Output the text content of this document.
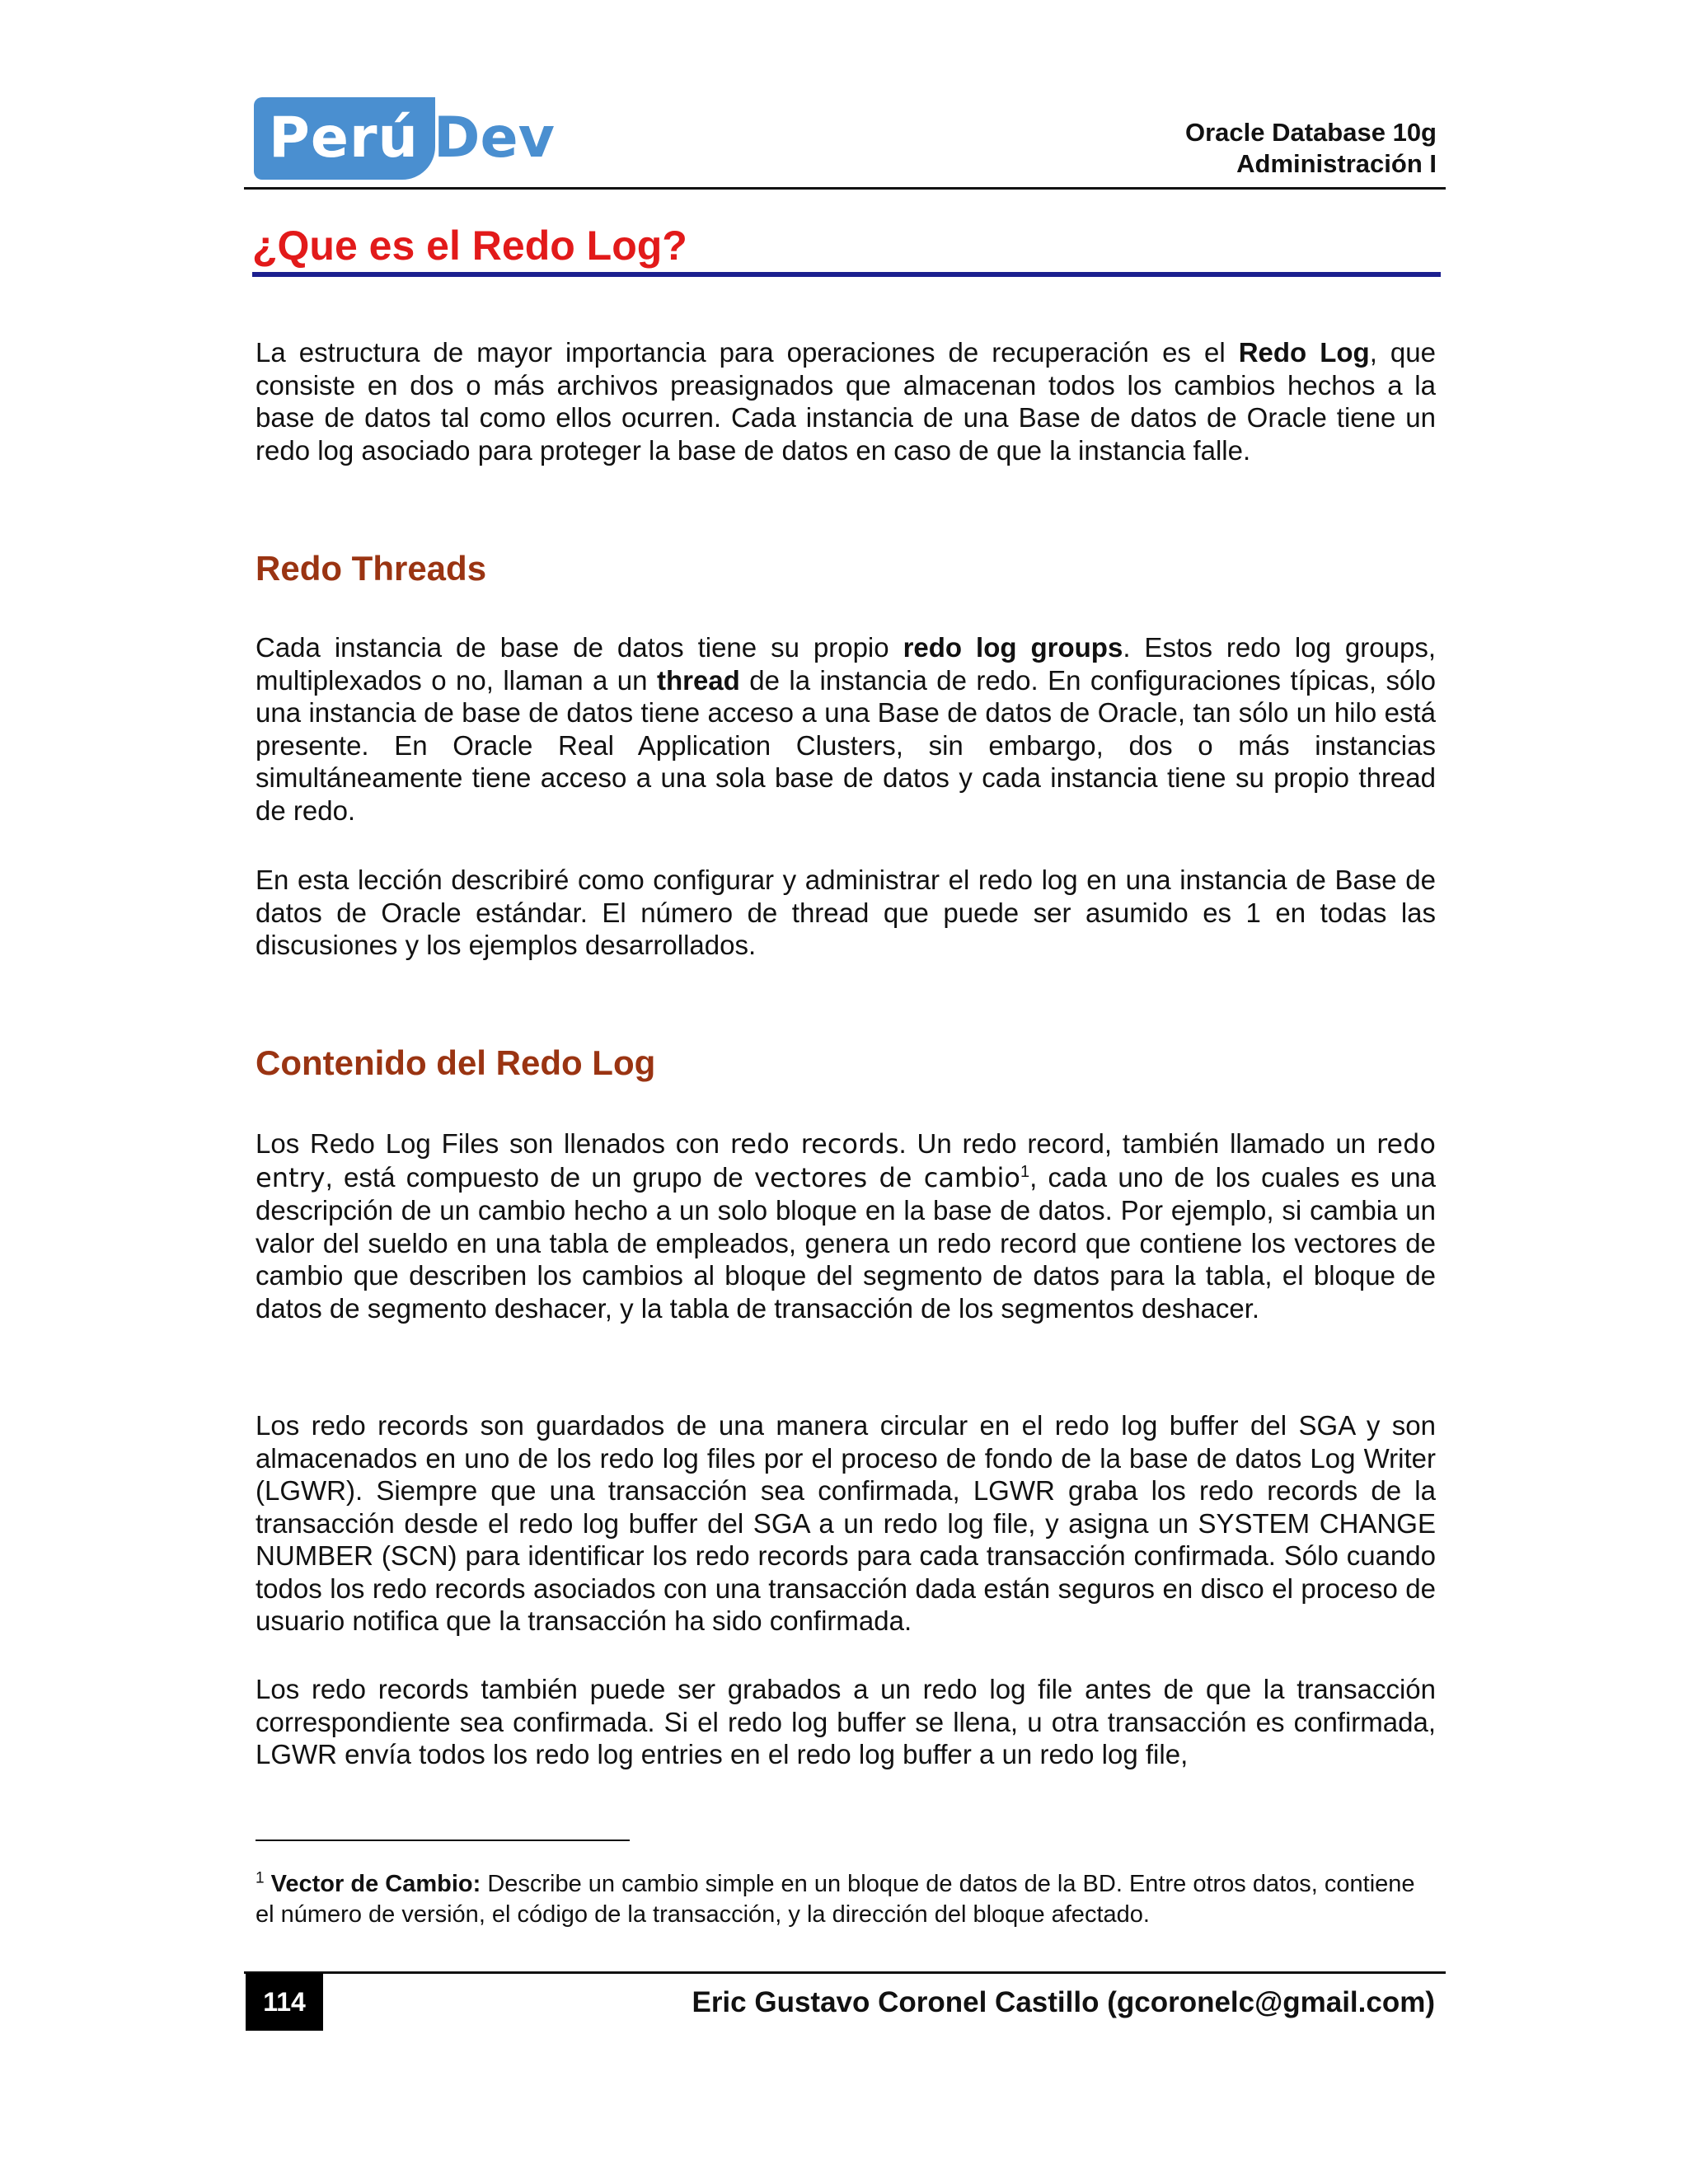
Perú Dev	Oracle Database 10g
Administración I
¿Que es el Redo Log?
La estructura de mayor importancia para operaciones de recuperación es el Redo Log, que consiste en dos o más archivos preasignados que almacenan todos los cambios hechos a la base de datos tal como ellos ocurren. Cada instancia de una Base de datos de Oracle tiene un redo log asociado para proteger la base de datos en caso de que la instancia falle.
Redo Threads
Cada instancia de base de datos tiene su propio redo log groups. Estos redo log groups, multiplexados o no, llaman a un thread de la instancia de redo. En configuraciones típicas, sólo una instancia de base de datos tiene acceso a una Base de datos de Oracle, tan sólo un hilo está presente. En Oracle Real Application Clusters, sin embargo, dos o más instancias simultáneamente tiene acceso a una sola base de datos y cada instancia tiene su propio thread de redo.
En esta lección describiré como configurar y administrar el redo log en una instancia de Base de datos de Oracle estándar. El número de thread que puede ser asumido es 1 en todas las discusiones y los ejemplos desarrollados.
Contenido del Redo Log
Los Redo Log Files son llenados con redo records. Un redo record, también llamado un redo entry, está compuesto de un grupo de vectores de cambio$^1$, cada uno de los cuales es una descripción de un cambio hecho a un solo bloque en la base de datos. Por ejemplo, si cambia un valor del sueldo en una tabla de empleados, genera un redo record que contiene los vectores de cambio que describen los cambios al bloque del segmento de datos para la tabla, el bloque de datos de segmento deshacer, y la tabla de transacción de los segmentos deshacer.
Los redo records son guardados de una manera circular en el redo log buffer del SGA y son almacenados en uno de los redo log files por el proceso de fondo de la base de datos Log Writer (LGWR). Siempre que una transacción sea confirmada, LGWR graba los redo records de la transacción desde el redo log buffer del SGA a un redo log file, y asigna un SYSTEM CHANGE NUMBER (SCN) para identificar los redo records para cada transacción confirmada. Sólo cuando todos los redo records asociados con una transacción dada están seguros en disco el proceso de usuario notifica que la transacción ha sido confirmada.
Los redo records también puede ser grabados a un redo log file antes de que la transacción correspondiente sea confirmada. Si el redo log buffer se llena, u otra transacción es confirmada, LGWR envía todos los redo log entries en el redo log buffer a un redo log file,
$^1$ Vector de Cambio: Describe un cambio simple en un bloque de datos de la BD. Entre otros datos, contiene el número de versión, el código de la transacción, y la dirección del bloque afectado.
114	Eric Gustavo Coronel Castillo (gcoronelc@gmail.com)
